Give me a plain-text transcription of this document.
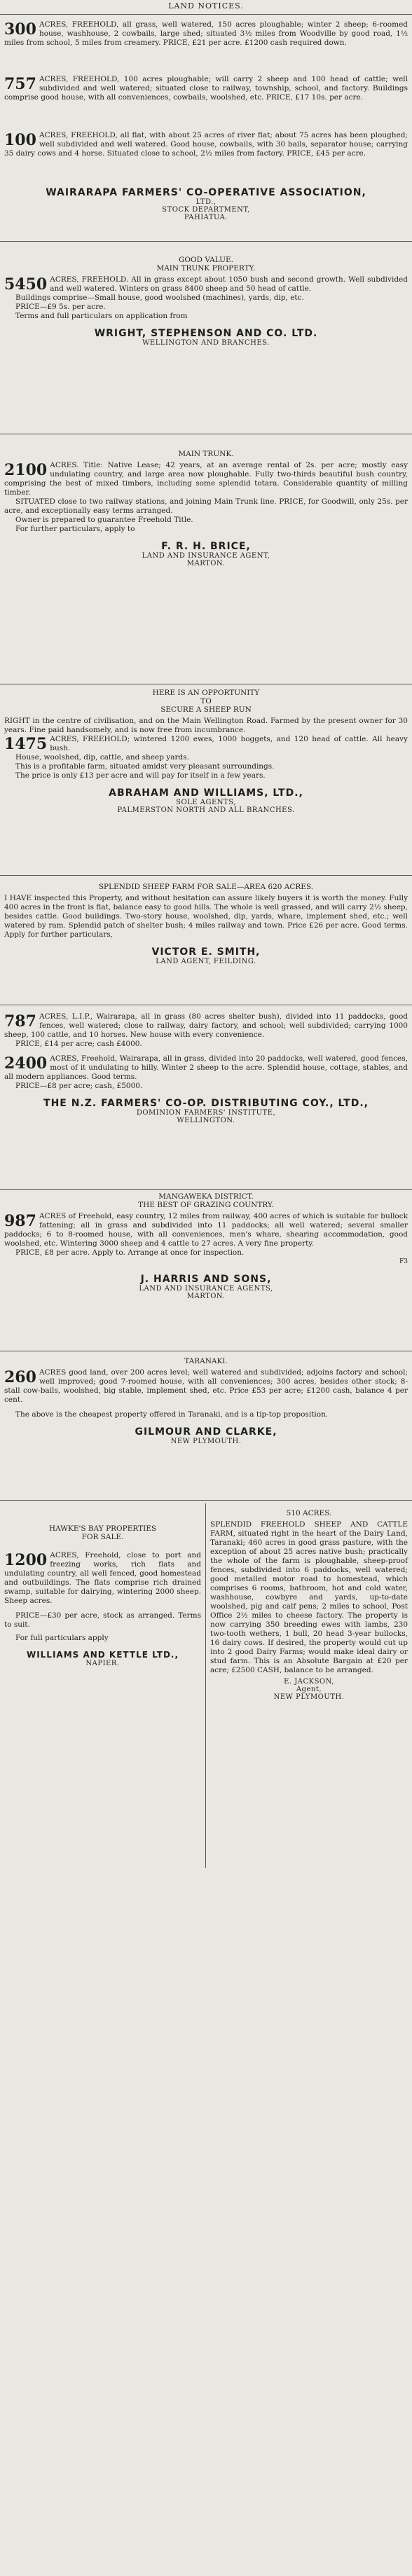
LAND NOTICES.
300 ACRES, FREEHOLD, all grass, well watered, 150 acres ploughable; winter 2 sheep; 6-roomed house, washhouse, 2 cowbails, large shed; situated 3½ miles from Woodville by good road, 1½ miles from school, 5 miles from creamery. PRICE, £21 per acre. £1200 cash required down.
757 ACRES, FREEHOLD, 100 acres ploughable; will carry 2 sheep and 100 head of cattle; well subdivided and well watered; situated close to railway, township, school, and factory. Buildings comprise good house, with all conveniences, cowbails, woolshed, etc. PRICE, £17 10s. per acre.
100 ACRES, FREEHOLD, all flat, with about 25 acres of river flat; about 75 acres has been ploughed; well subdivided and well watered. Good house, cowbails, with 30 bails, separator house; carrying 35 dairy cows and 4 horse. Situated close to school, 2½ miles from factory. PRICE, £45 per acre.
WAIRARAPA FARMERS' CO-OPERATIVE ASSOCIATION,
LTD.,
STOCK DEPARTMENT,
PAHIATUA.
GOOD VALUE.
MAIN TRUNK PROPERTY.
5450 ACRES, FREEHOLD. All in grass except about 1050 bush and second growth. Well subdivided and well watered. Winters on grass 8400 sheep and 50 head of cattle.
Buildings comprise—Small house, good woolshed (machines), yards, dip, etc.
PRICE—£9 5s. per acre.
Terms and full particulars on application from
WRIGHT, STEPHENSON AND CO. LTD.
WELLINGTON AND BRANCHES.
MAIN TRUNK.
2100 ACRES. Title: Native Lease; 42 years, at an average rental of 2s. per acre; mostly easy undulating country, and large area now ploughable. Fully two-thirds beautiful bush country, comprising the best of mixed timbers, including some splendid totara. Considerable quantity of milling timber.
SITUATED close to two railway stations, and joining Main Trunk line. PRICE, for Goodwill, only 25s. per acre, and exceptionally easy terms arranged.
Owner is prepared to guarantee Freehold Title.
For further particulars, apply to
F. R. H. BRICE,
LAND AND INSURANCE AGENT,
MARTON.
HERE IS AN OPPORTUNITY
TO
SECURE A SHEEP RUN
RIGHT in the centre of civilisation, and on the Main Wellington Road. Farmed by the present owner for 30 years. Fine paid handsomely, and is now free from incumbrance.
1475 ACRES, FREEHOLD; wintered 1200 ewes, 1000 hoggets, and 120 head of cattle. All heavy bush.
House, woolshed, dip, cattle, and sheep yards.
This is a profitable farm, situated amidst very pleasant surroundings.
The price is only £13 per acre and will pay for itself in a few years.
ABRAHAM AND WILLIAMS, LTD.,
SOLE AGENTS,
PALMERSTON NORTH AND ALL BRANCHES.
SPLENDID SHEEP FARM FOR SALE—AREA 620 ACRES.
I HAVE inspected this Property, and without hesitation can assure likely buyers it is worth the money. Fully 400 acres in the front is flat, balance easy to good hills. The whole is well grassed, and will carry 2½ sheep, besides cattle. Good buildings. Two-story house, woolshed, dip, yards, whare, implement shed, etc.; well watered by ram. Splendid patch of shelter bush; 4 miles railway and town. Price £26 per acre. Good terms. Apply for further particulars,
VICTOR E. SMITH,
LAND AGENT, FEILDING.
787 ACRES, L.I.P., Wairarapa, all in grass (80 acres shelter bush), divided into 11 paddocks, good fences, well watered; close to railway, dairy factory, and school; well subdivided; carrying 1000 sheep, 100 cattle, and 10 horses. New house with every convenience.
PRICE, £14 per acre; cash £4000.
2400 ACRES, Freehold, Wairarapa, all in grass, divided into 20 paddocks, well watered, good fences, most of it undulating to hilly. Winter 2 sheep to the acre. Splendid house, cottage, stables, and all modern appliances. Good terms.
PRICE—£8 per acre; cash, £5000.
THE N.Z. FARMERS' CO-OP. DISTRIBUTING COY., LTD.,
DOMINION FARMERS' INSTITUTE,
WELLINGTON.
MANGAWEKA DISTRICT.
THE BEST OF GRAZING COUNTRY.
987 ACRES of Freehold, easy country, 12 miles from railway, 400 acres of which is suitable for bullock fattening; all in grass and subdivided into 11 paddocks; all well watered; several smaller paddocks; 6 to 8-roomed house, with all conveniences, men's whare, shearing accommodation, good woolshed, etc. Wintering 3000 sheep and 4 cattle to 27 acres. A very fine property.
PRICE, £8 per acre. Apply to. Arrange at once for inspection.
F3
J. HARRIS AND SONS,
LAND AND INSURANCE AGENTS,
MARTON.
TARANAKI.
260 ACRES good land, over 200 acres level; well watered and subdivided; adjoins factory and school; well improved; good 7-roomed house, with all conveniences; 300 acres, besides other stock; 8-stall cow-bails, woolshed, big stable, implement shed, etc. Price £53 per acre; £1200 cash, balance 4 per cent.
The above is the cheapest property offered in Taranaki, and is a tip-top proposition.
GILMOUR AND CLARKE,
NEW PLYMOUTH.
HAWKE'S BAY PROPERTIES
FOR SALE.
1200 ACRES, Freehold, close to port and freezing works, rich flats and undulating country, all well fenced, good homestead and outbuildings. The flats comprise rich drained swamp, suitable for dairying, wintering 2000 sheep. Sheep acres.
PRICE—£30 per acre, stock as arranged. Terms to suit.
For full particulars apply
WILLIAMS AND KETTLE LTD.,
NAPIER.
510 ACRES.
SPLENDID FREEHOLD SHEEP AND CATTLE FARM, situated right in the heart of the Dairy Land, Taranaki; 460 acres in good grass pasture, with the exception of about 25 acres native bush; practically the whole of the farm is ploughable, sheep-proof fences, subdivided into 6 paddocks, well watered; good metalled motor road to homestead, which comprises 6 rooms, bathroom, hot and cold water, washhouse, cowbyre and yards, up-to-date woolshed, pig and calf pens; 2 miles to school, Post Office 2½ miles to cheese factory. The property is now carrying 350 breeding ewes with lambs, 230 two-tooth wethers, 1 bull, 20 head 3-year bullocks, 16 dairy cows. If desired, the property would cut up into 2 good Dairy Farms; would make ideal dairy or stud farm. This is an Absolute Bargain at £20 per acre; £2500 CASH, balance to be arranged.
E. JACKSON,
Agent,
NEW PLYMOUTH.
